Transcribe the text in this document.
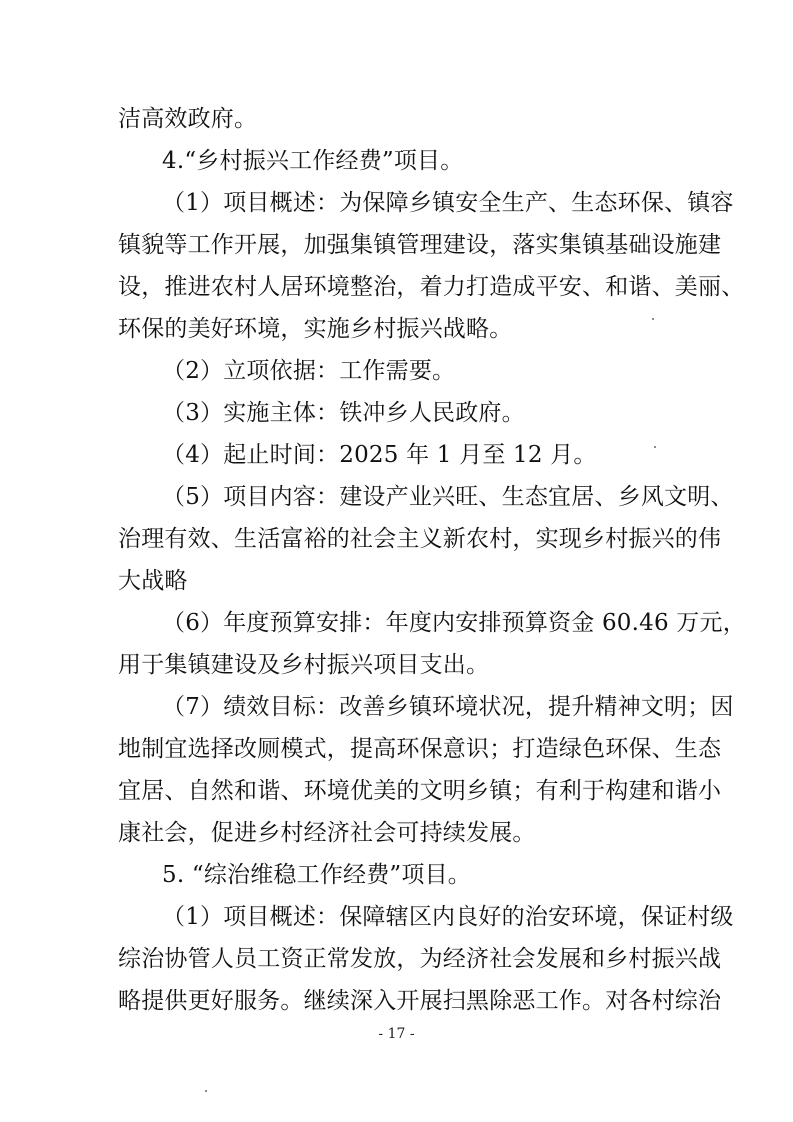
洁高效政府。
4.“乡村振兴工作经费”项目。
（1）项目概述：为保障乡镇安全生产、生态环保、镇容
镇貌等工作开展，加强集镇管理建设，落实集镇基础设施建
设，推进农村人居环境整治，着力打造成平安、和谐、美丽、
环保的美好环境，实施乡村振兴战略。
（2）立项依据：工作需要。
（3）实施主体：铁冲乡人民政府。
（4）起止时间：2025 年 1 月至 12 月。
（5）项目内容：建设产业兴旺、生态宜居、乡风文明、
治理有效、生活富裕的社会主义新农村，实现乡村振兴的伟
大战略
（6）年度预算安排：年度内安排预算资金 60.46 万元，
用于集镇建设及乡村振兴项目支出。
（7）绩效目标：改善乡镇环境状况，提升精神文明；因
地制宜选择改厕模式，提高环保意识；打造绿色环保、生态
宜居、自然和谐、环境优美的文明乡镇；有利于构建和谐小
康社会，促进乡村经济社会可持续发展。
5. “综治维稳工作经费”项目。
（1）项目概述：保障辖区内良好的治安环境，保证村级
综治协管人员工资正常发放，为经济社会发展和乡村振兴战
略提供更好服务。继续深入开展扫黑除恶工作。对各村综治
- 17 -
